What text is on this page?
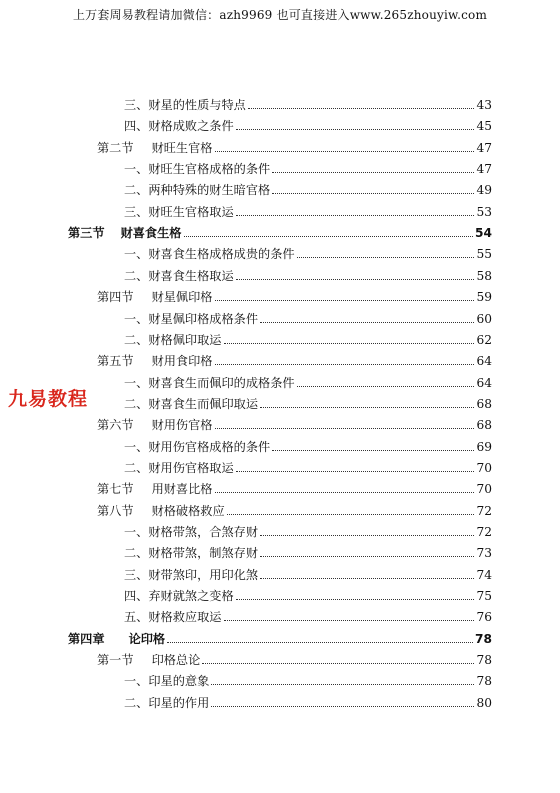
上万套周易教程请加微信：azh9969 也可直接进入www.265zhouyiw.com
九易教程
三、财星的性质与特点	43
四、财格成败之条件	45
第二节 财旺生官格	47
一、财旺生官格成格的条件	47
二、两种特殊的财生暗官格	49
三、财旺生官格取运	53
第三节 财喜食生格	54
一、财喜食生格成格成贵的条件	55
二、财喜食生格取运	58
第四节 财星佩印格	59
一、财星佩印格成格条件	60
二、财格佩印取运	62
第五节 财用食印格	64
一、财喜食生而佩印的成格条件	64
二、财喜食生而佩印取运	68
第六节 财用伤官格	68
一、财用伤官格成格的条件	69
二、财用伤官格取运	70
第七节 用财喜比格	70
第八节 财格破格救应	72
一、财格带煞，合煞存财	72
二、财格带煞，制煞存财	73
三、财带煞印，用印化煞	74
四、弃财就煞之变格	75
五、财格救应取运	76
第四章 论印格	78
第一节 印格总论	78
一、印星的意象	78
二、印星的作用	80
